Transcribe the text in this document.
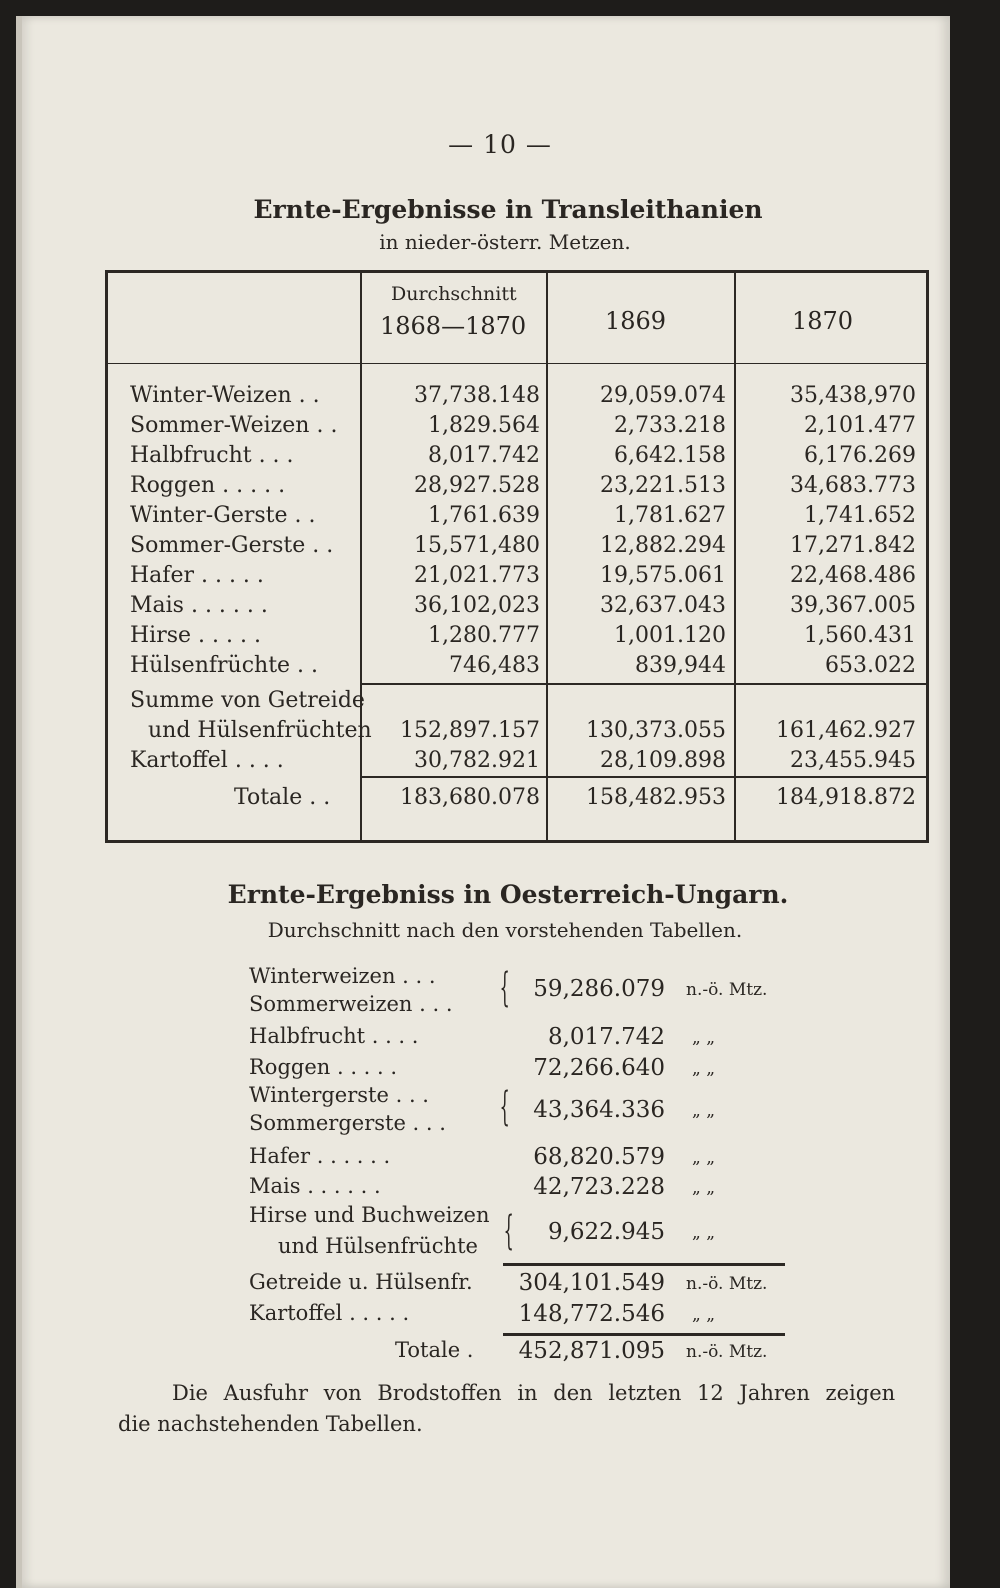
— 10 —
Ernte-Ergebnisse in Transleithanien
in nieder-österr. Metzen.
Durchschnitt
1868—1870	1869	1870
Winter-Weizen . .	37,738.148	29,059.074	35,438,970
Sommer-Weizen . .	1,829.564	2,733.218	2,101.477
Halbfrucht . . .	8,017.742	6,642.158	6,176.269
Roggen . . . . .	28,927.528	23,221.513	34,683.773
Winter-Gerste . .	1,761.639	1,781.627	1,741.652
Sommer-Gerste . .	15,571,480	12,882.294	17,271.842
Hafer . . . . .	21,021.773	19,575.061	22,468.486
Mais . . . . . .	36,102,023	32,637.043	39,367.005
Hirse . . . . .	1,280.777	1,001.120	1,560.431
Hülsenfrüchte . .	746,483	839,944	653.022
Summe von Getreide
und Hülsenfrüchten 152,897.157 130,373.055 161,462.927
Kartoffel . . . .	30,782.921	28,109.898	23,455.945
Totale . .	183,680.078 158,482.953 184,918.872
Ernte-Ergebniss in Oesterreich-Ungarn.
Durchschnitt nach den vorstehenden Tabellen.
Winterweizen . . .
Sommerweizen . . . { 59,286.079 n.-ö. Mtz.
Halbfrucht . . . .	8,017.742 „ „
Roggen . . . . .	72,266.640 „ „
Wintergerste . . .
Sommergerste . . . { 43,364.336 „ „
Hafer . . . . . .	68,820.579 „ „
Mais . . . . . .	42,723.228 „ „
Hirse und Buchweizen
und Hülsenfrüchte { 9,622.945 „ „
Getreide u. Hülsenfr. 304,101.549 n.-ö. Mtz.
Kartoffel . . . . .	148,772.546 „ „
Totale . 452,871.095 n.-ö. Mtz.
Die Ausfuhr von Brodstoffen in den letzten 12 Jahren zeigen
die nachstehenden Tabellen.
